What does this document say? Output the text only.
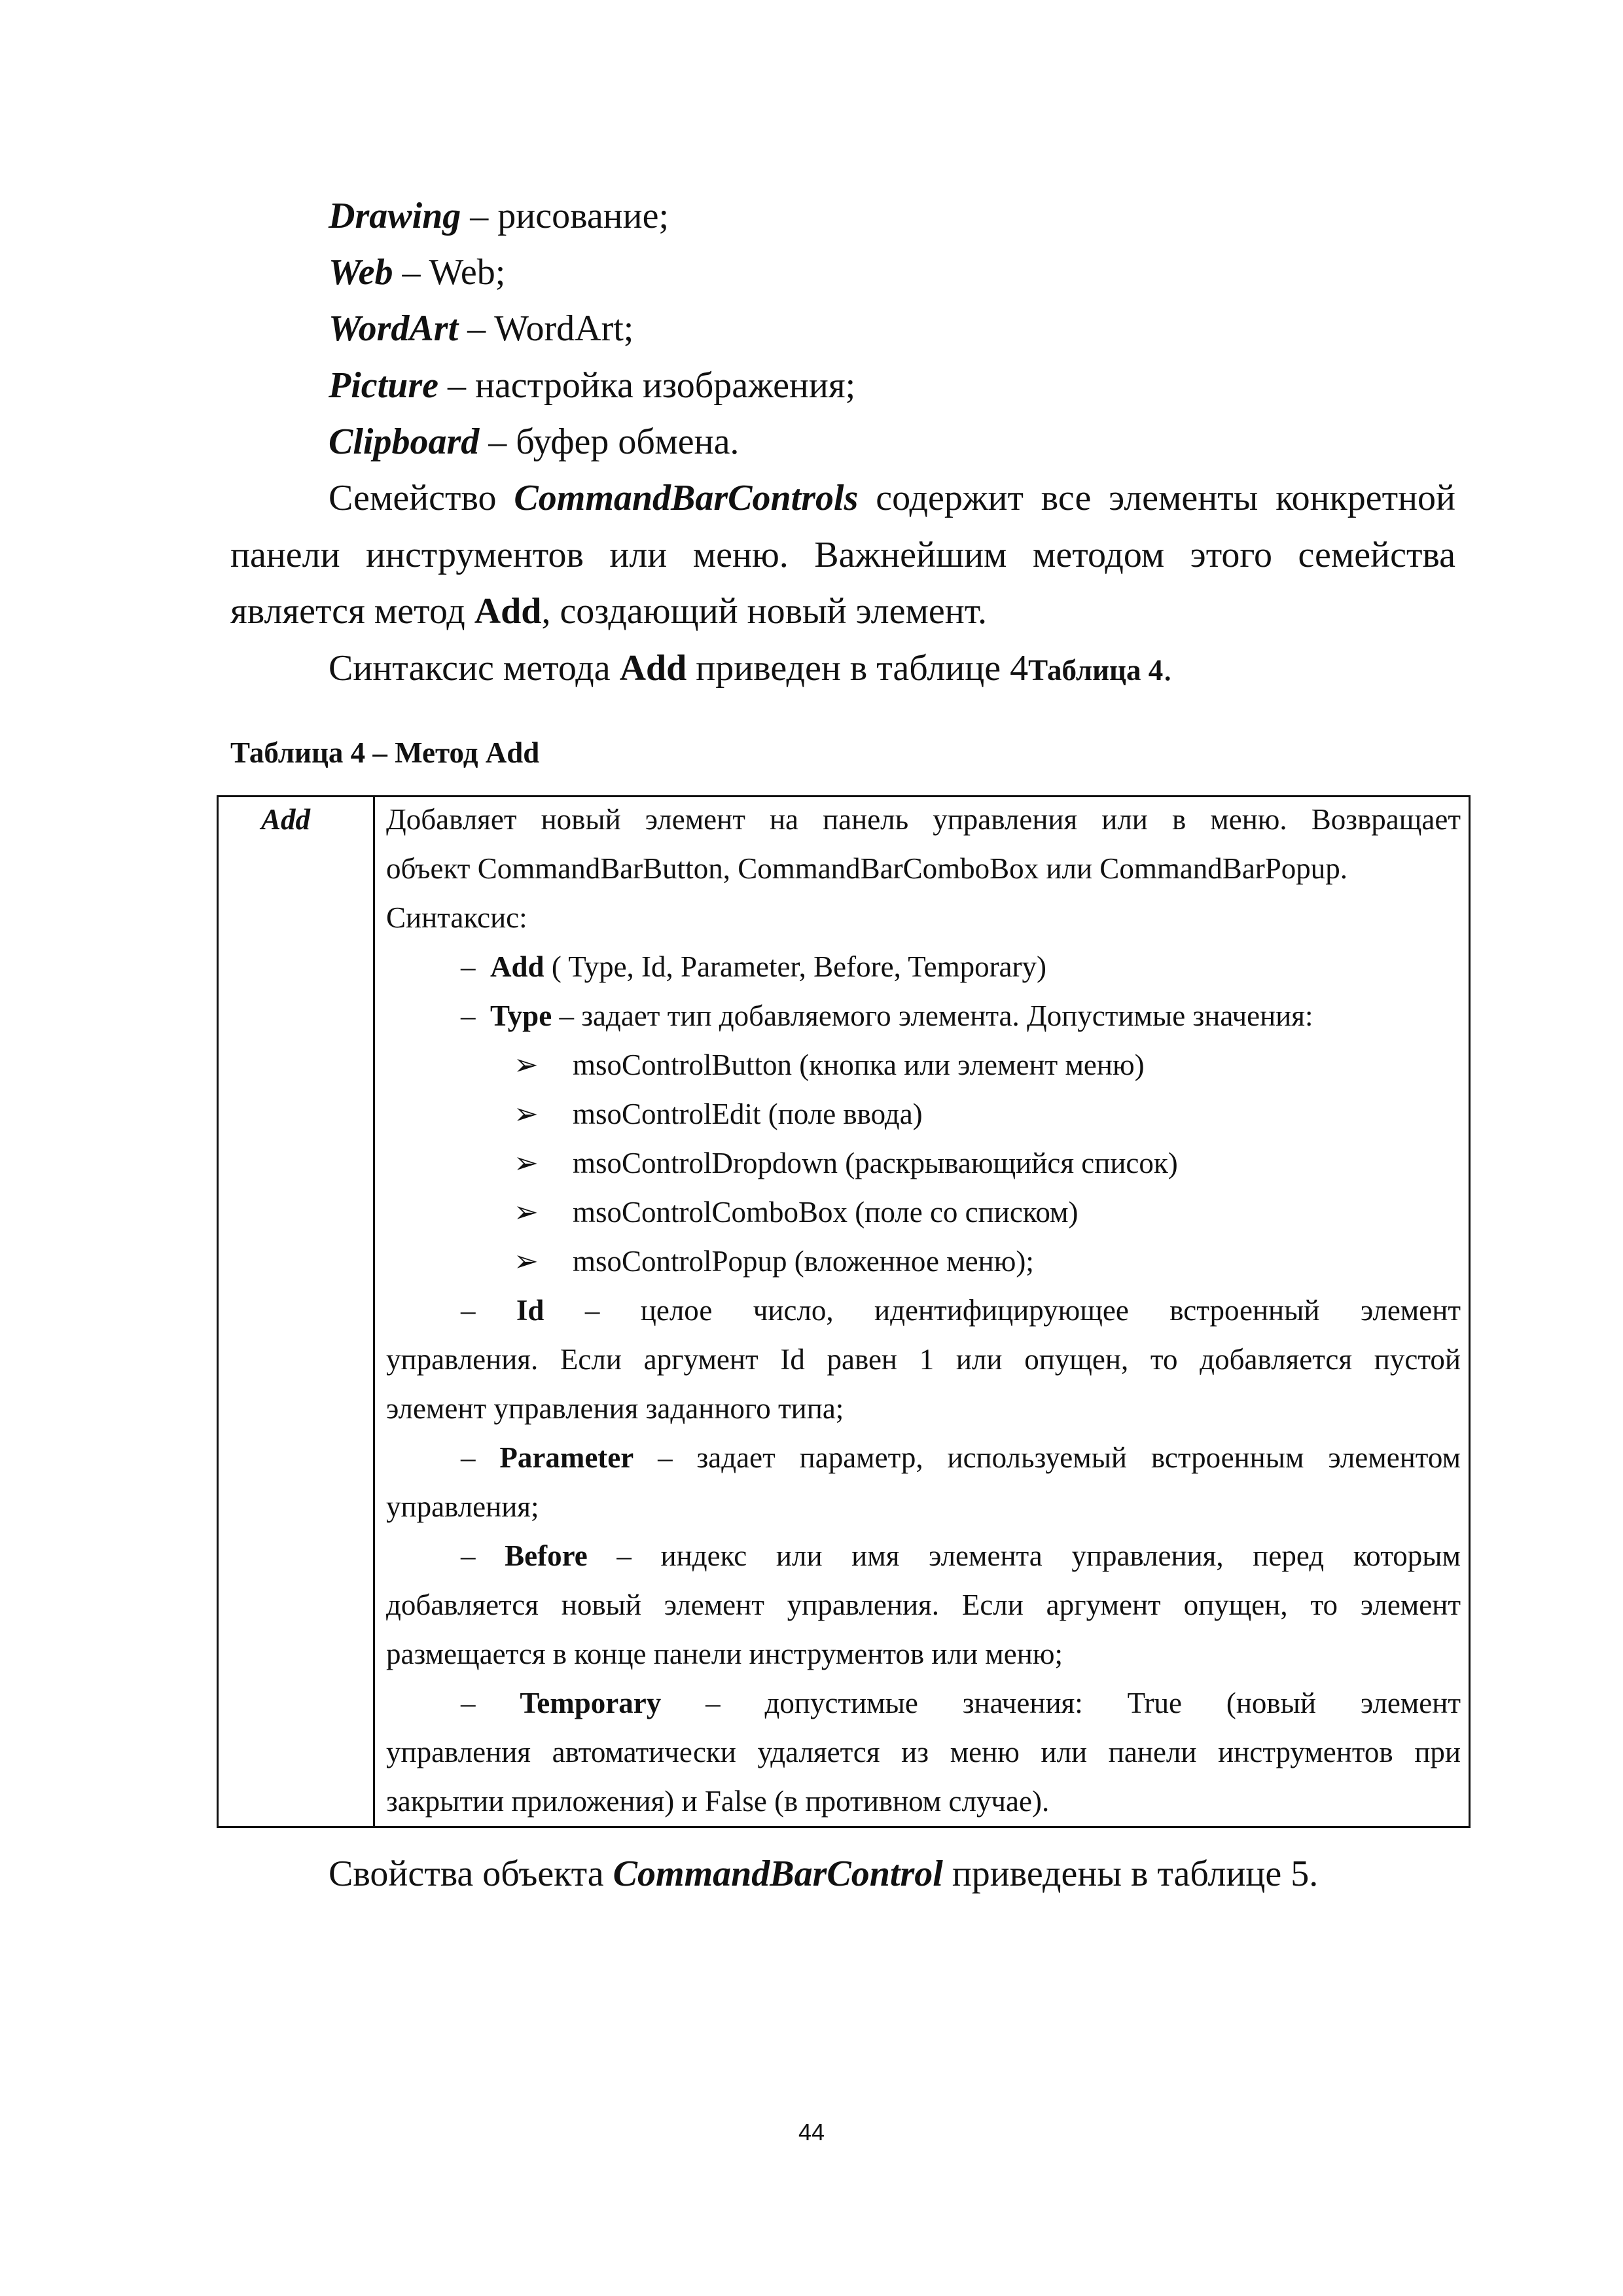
Drawing – рисование;
Web – Web;
WordArt – WordArt;
Picture – настройка изображения;
Clipboard – буфер обмена.
Семейство CommandBarControls содержит все элементы конкретной
панели инструментов или меню. Важнейшим методом этого семейства
является метод Add, создающий новый элемент.
Синтаксис метода Add приведен в таблице 4Таблица 4.
Таблица 4 – Метод Add
Add	Добавляет новый элемент на панель управления или в меню. Возвращает
объект CommandBarButton, CommandBarComboBox или CommandBarPopup.
Синтаксис:
– Add ( Type, Id, Parameter, Before, Temporary)
– Type – задает тип добавляемого элемента. Допустимые значения:
➢ msoControlButton (кнопка или элемент меню)
➢ msoControlEdit (поле ввода)
➢ msoControlDropdown (раскрывающийся список)
➢ msoControlComboBox (поле со списком)
➢ msoControlPopup (вложенное меню);
– Id – целое число, идентифицирующее встроенный элемент
управления. Если аргумент Id равен 1 или опущен, то добавляется пустой
элемент управления заданного типа;
– Parameter – задает параметр, используемый встроенным элементом
управления;
– Before – индекс или имя элемента управления, перед которым
добавляется новый элемент управления. Если аргумент опущен, то элемент
размещается в конце панели инструментов или меню;
– Temporary – допустимые значения: True (новый элемент
управления автоматически удаляется из меню или панели инструментов при
закрытии приложения) и False (в противном случае).
Свойства объекта CommandBarControl приведены в таблице 5.
44
